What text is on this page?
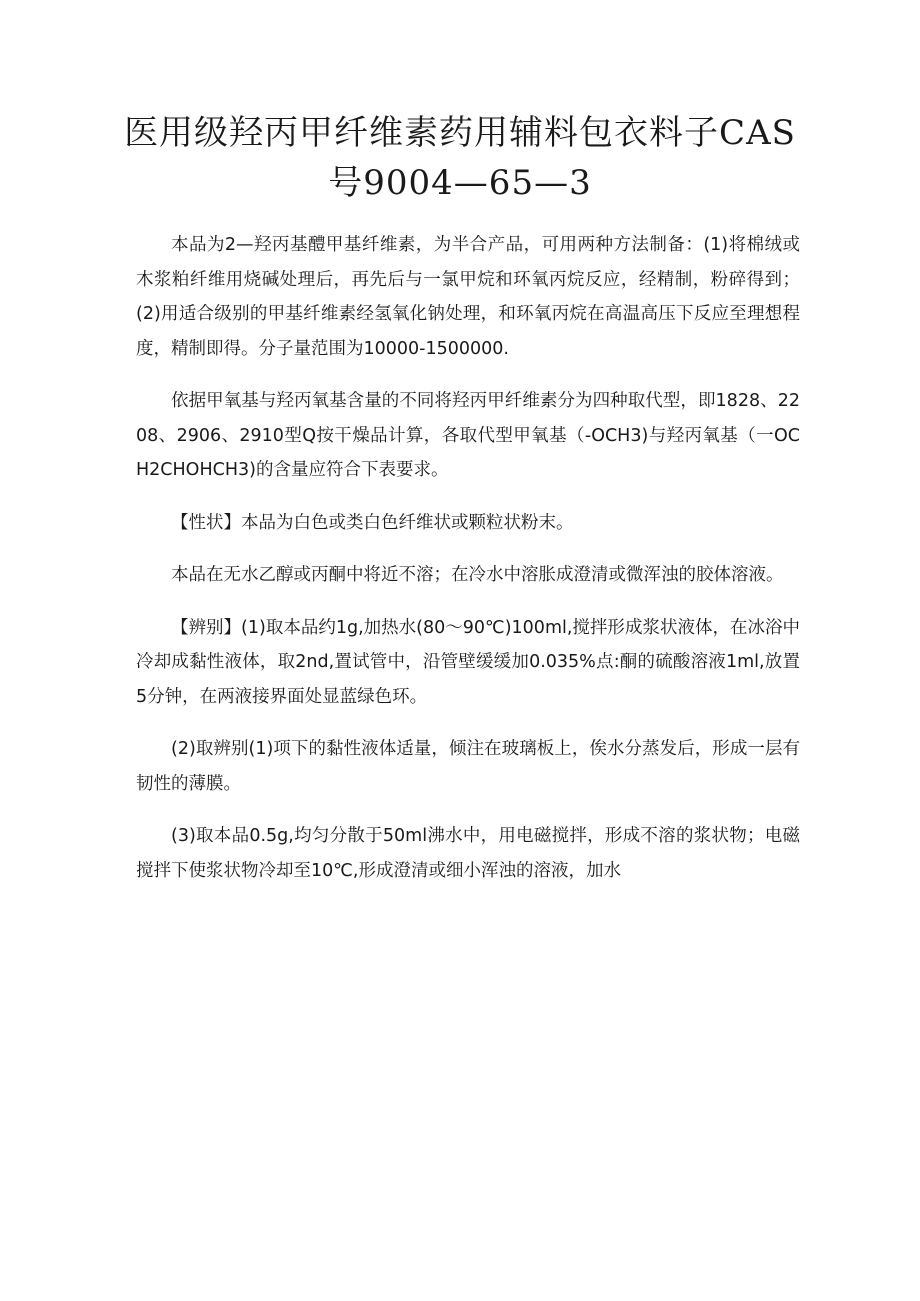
医用级羟丙甲纤维素药用辅料包衣料子CAS号9004—65—3

本品为2—羟丙基醴甲基纤维素，为半合产品，可用两种方法制备：(1)将棉绒或木浆粕纤维用烧碱处理后，再先后与一氯甲烷和环氧丙烷反应，经精制，粉碎得到；(2)用适合级别的甲基纤维素经氢氧化钠处理，和环氧丙烷在高温高压下反应至理想程度，精制即得。分子量范围为10000-1500000.

依据甲氧基与羟丙氧基含量的不同将羟丙甲纤维素分为四种取代型，即1828、2208、2906、2910型Q按干燥品计算，各取代型甲氧基（-OCH3)与羟丙氧基（一OCH2CHOHCH3)的含量应符合下表要求。

【性状】本品为白色或类白色纤维状或颗粒状粉末。

本品在无水乙醇或丙酮中将近不溶；在冷水中溶胀成澄清或微浑浊的胶体溶液。

【辨别】(1)取本品约1g,加热水(80〜90℃)100ml,搅拌形成浆状液体，在冰浴中冷却成黏性液体，取2nd,置试管中，沿管壁缓缓加0.035%点:酮的硫酸溶液1ml,放置5分钟，在两液接界面处显蓝绿色环。

(2)取辨别(1)项下的黏性液体适量，倾注在玻璃板上，俟水分蒸发后，形成一层有韧性的薄膜。

(3)取本品0.5g,均匀分散于50ml沸水中，用电磁搅拌，形成不溶的浆状物；电磁搅拌下使浆状物冷却至10℃,形成澄清或细小浑浊的溶液，加水
